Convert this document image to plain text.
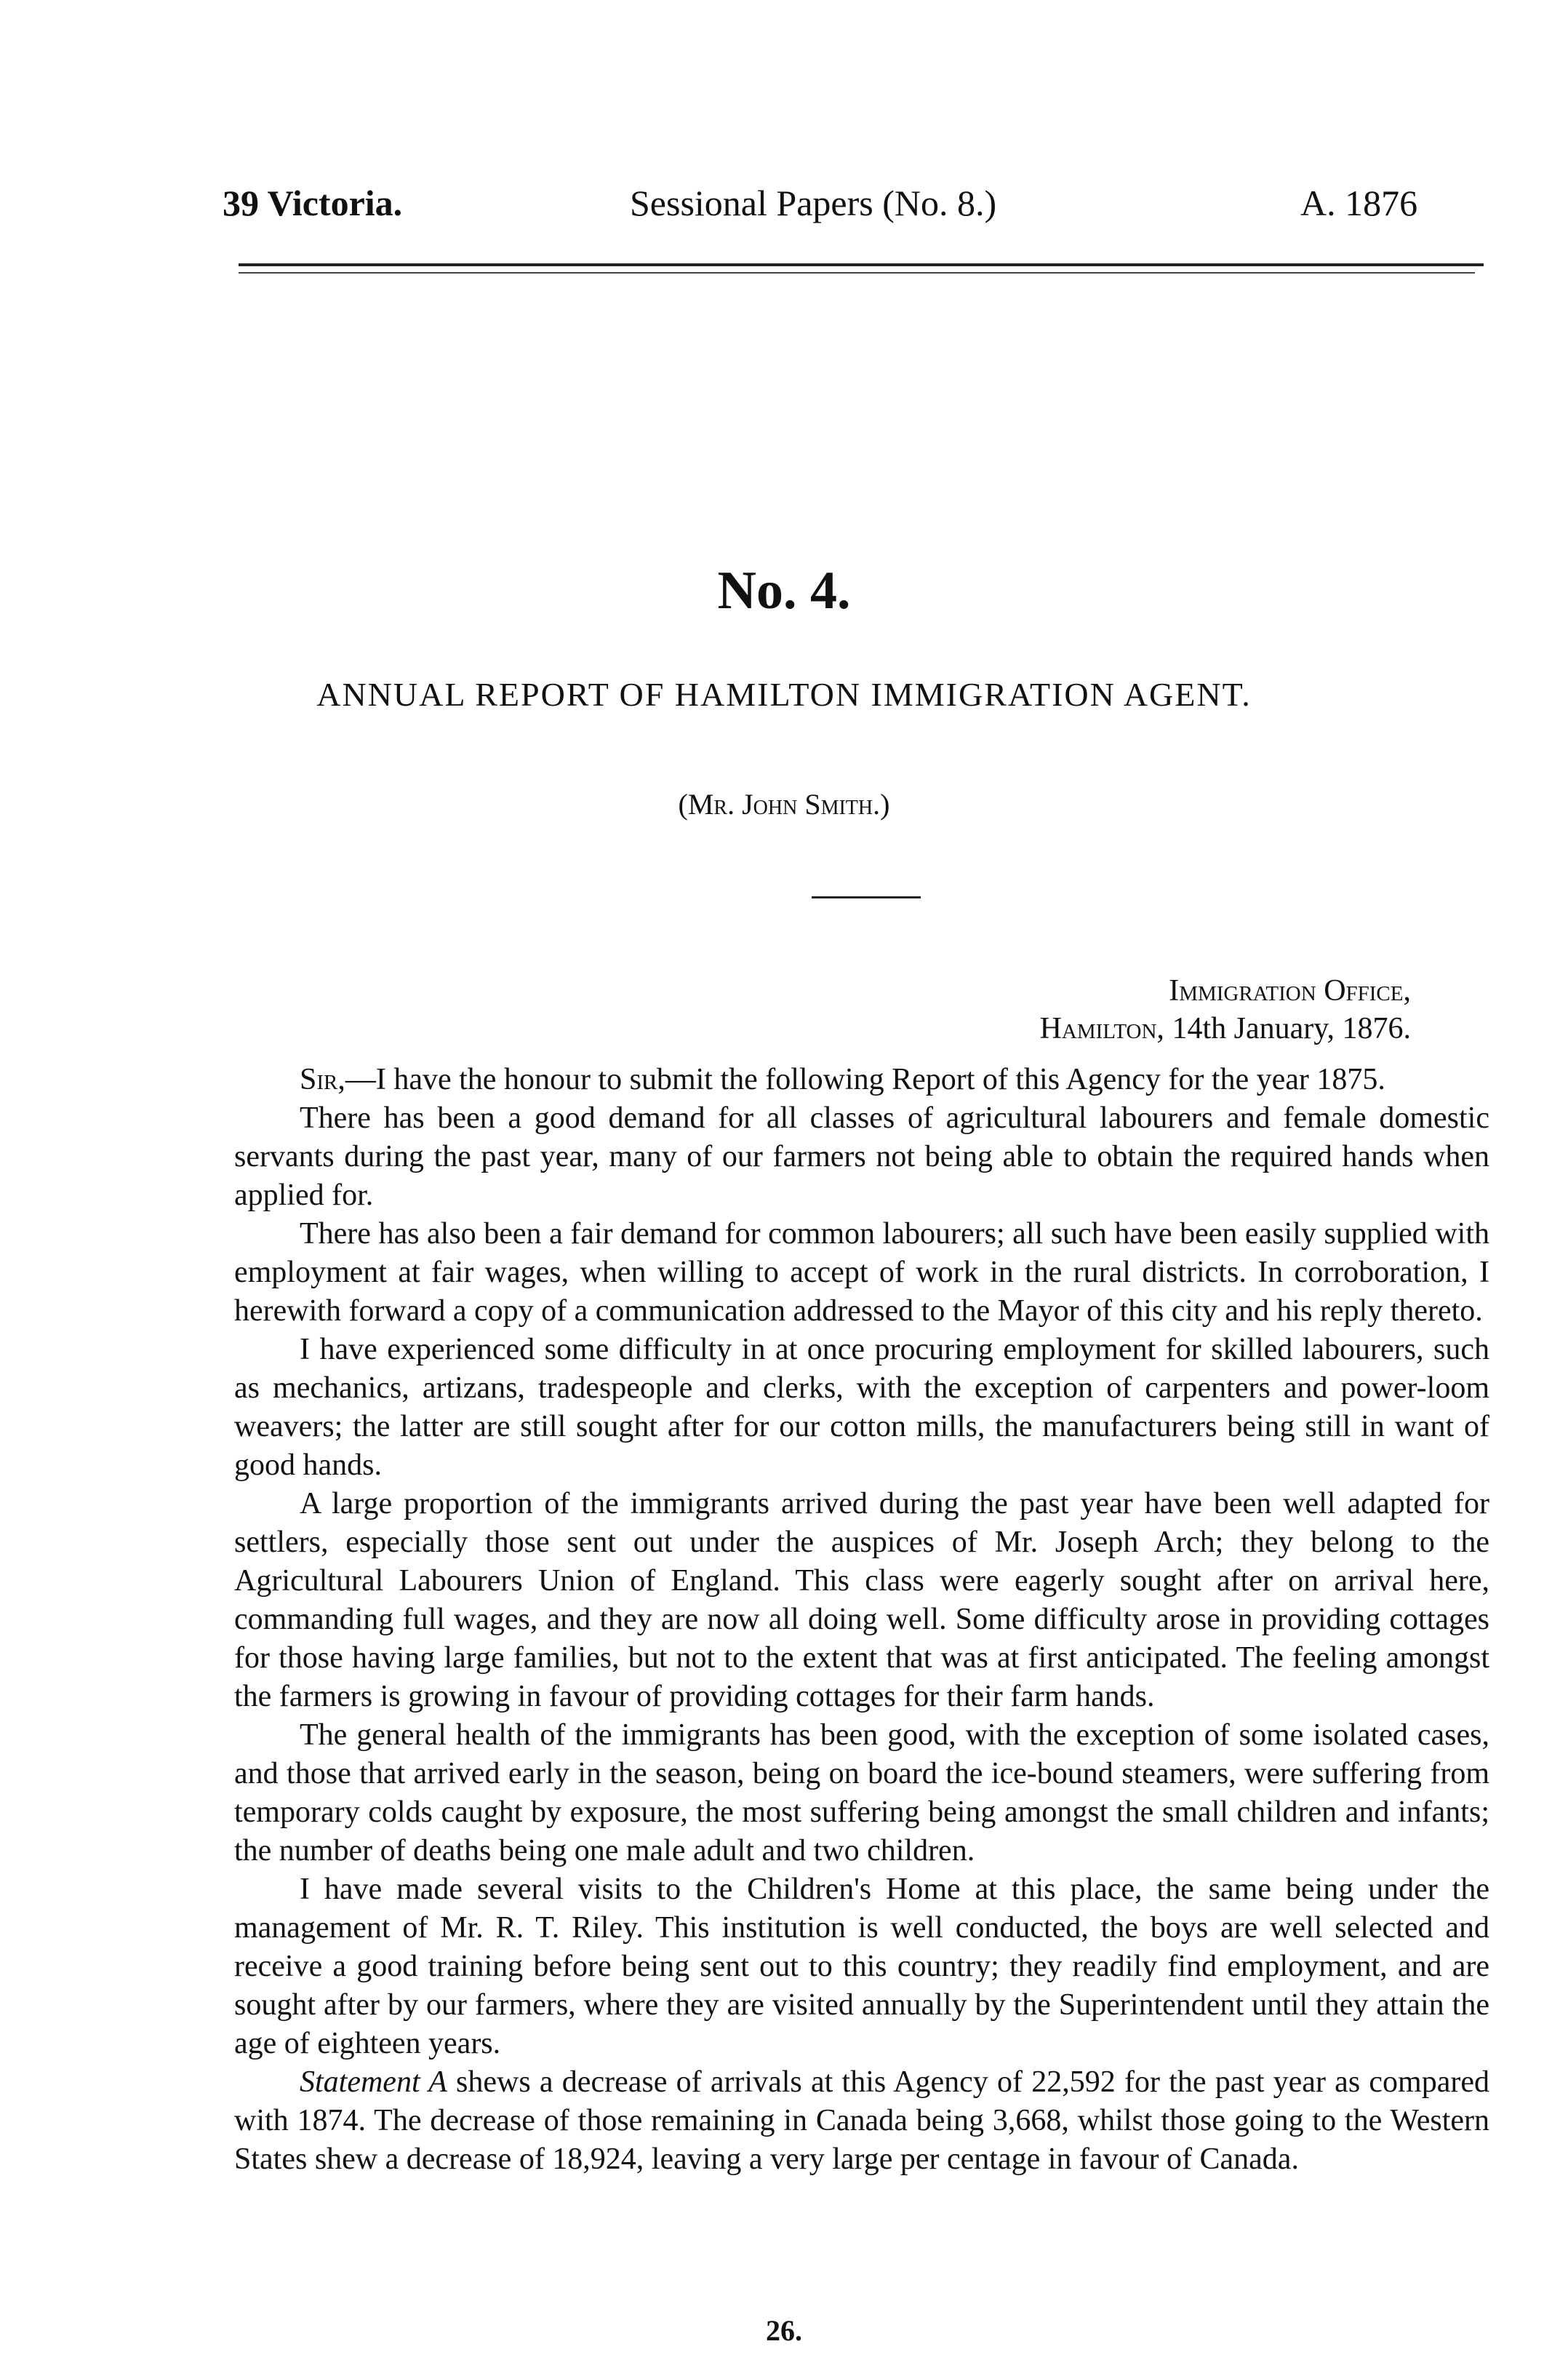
39 Victoria.	Sessional Papers (No. 8.)	A. 1876
No. 4.
ANNUAL REPORT OF HAMILTON IMMIGRATION AGENT.
(Mr. John Smith.)
Immigration Office,
Hamilton, 14th January, 1876.

Sir,—I have the honour to submit the following Report of this Agency for the year 1875.

There has been a good demand for all classes of agricultural labourers and female domestic servants during the past year, many of our farmers not being able to obtain the required hands when applied for.

There has also been a fair demand for common labourers; all such have been easily supplied with employment at fair wages, when willing to accept of work in the rural districts. In corroboration, I herewith forward a copy of a communication addressed to the Mayor of this city and his reply thereto.

I have experienced some difficulty in at once procuring employment for skilled labourers, such as mechanics, artizans, tradespeople and clerks, with the exception of carpenters and power-loom weavers; the latter are still sought after for our cotton mills, the manufacturers being still in want of good hands.

A large proportion of the immigrants arrived during the past year have been well adapted for settlers, especially those sent out under the auspices of Mr. Joseph Arch; they belong to the Agricultural Labourers Union of England. This class were eagerly sought after on arrival here, commanding full wages, and they are now all doing well. Some difficulty arose in providing cottages for those having large families, but not to the extent that was at first anticipated. The feeling amongst the farmers is growing in favour of providing cottages for their farm hands.

The general health of the immigrants has been good, with the exception of some isolated cases, and those that arrived early in the season, being on board the ice-bound steamers, were suffering from temporary colds caught by exposure, the most suffering being amongst the small children and infants; the number of deaths being one male adult and two children.

I have made several visits to the Children's Home at this place, the same being under the management of Mr. R. T. Riley. This institution is well conducted, the boys are well selected and receive a good training before being sent out to this country; they readily find employment, and are sought after by our farmers, where they are visited annually by the Superintendent until they attain the age of eighteen years.

Statement A shews a decrease of arrivals at this Agency of 22,592 for the past year as compared with 1874. The decrease of those remaining in Canada being 3,668, whilst those going to the Western States shew a decrease of 18,924, leaving a very large per centage in favour of Canada.

26.
